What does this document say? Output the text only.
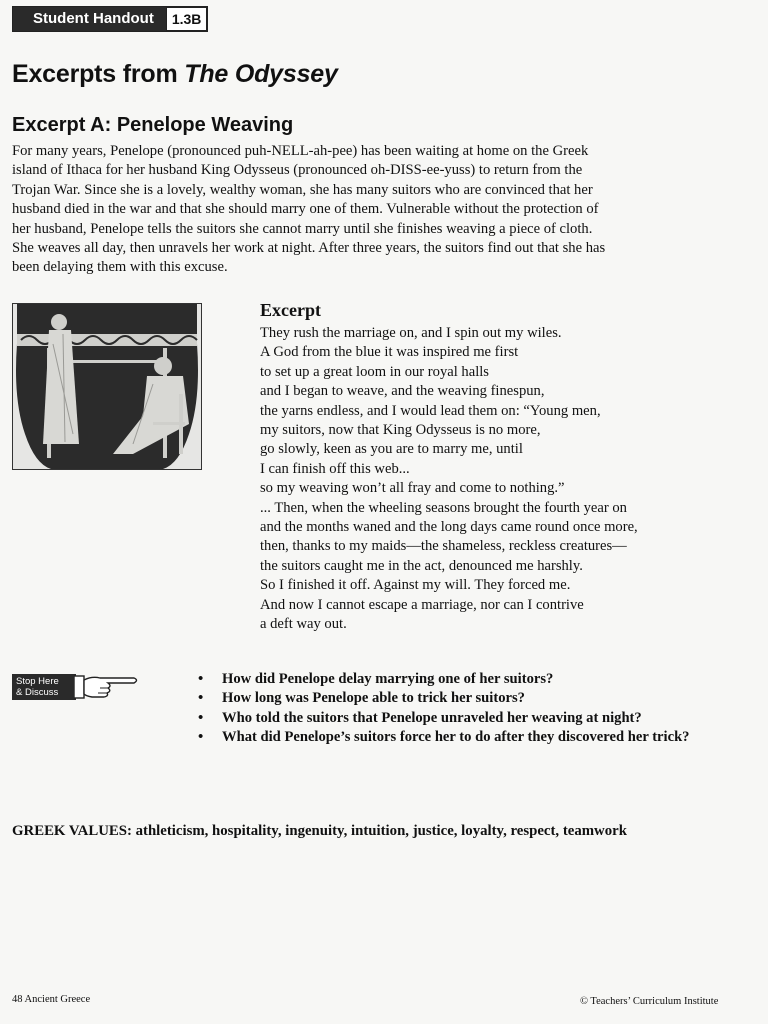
Student Handout	1.3B
Excerpts from The Odyssey
Excerpt A: Penelope Weaving
For many years, Penelope (pronounced puh-NELL-ah-pee) has been waiting at home on the Greek
island of Ithaca for her husband King Odysseus (pronounced oh-DISS-ee-yuss) to return from the
Trojan War. Since she is a lovely, wealthy woman, she has many suitors who are convinced that her
husband died in the war and that she should marry one of them. Vulnerable without the protection of
her husband, Penelope tells the suitors she cannot marry until she finishes weaving a piece of cloth.
She weaves all day, then unravels her work at night. After three years, the suitors find out that she has
been delaying them with this excuse.
Excerpt
They rush the marriage on, and I spin out my wiles.
A God from the blue it was inspired me first
to set up a great loom in our royal halls
and I began to weave, and the weaving finespun,
the yarns endless, and I would lead them on: “Young men,
my suitors, now that King Odysseus is no more,
go slowly, keen as you are to marry me, until
I can finish off this web...
so my weaving won’t all fray and come to nothing.”
... Then, when the wheeling seasons brought the fourth year on
and the months waned and the long days came round once more,
then, thanks to my maids—the shameless, reckless creatures—
the suitors caught me in the act, denounced me harshly.
So I finished it off. Against my will. They forced me.
And now I cannot escape a marriage, nor can I contrive
a deft way out.
Stop Here
& Discuss
• How did Penelope delay marrying one of her suitors?
• How long was Penelope able to trick her suitors?
• Who told the suitors that Penelope unraveled her weaving at night?
• What did Penelope’s suitors force her to do after they discovered her trick?
GREEK VALUES: athleticism, hospitality, ingenuity, intuition, justice, loyalty, respect, teamwork
48 Ancient Greece	© Teachers’ Curriculum Institute
